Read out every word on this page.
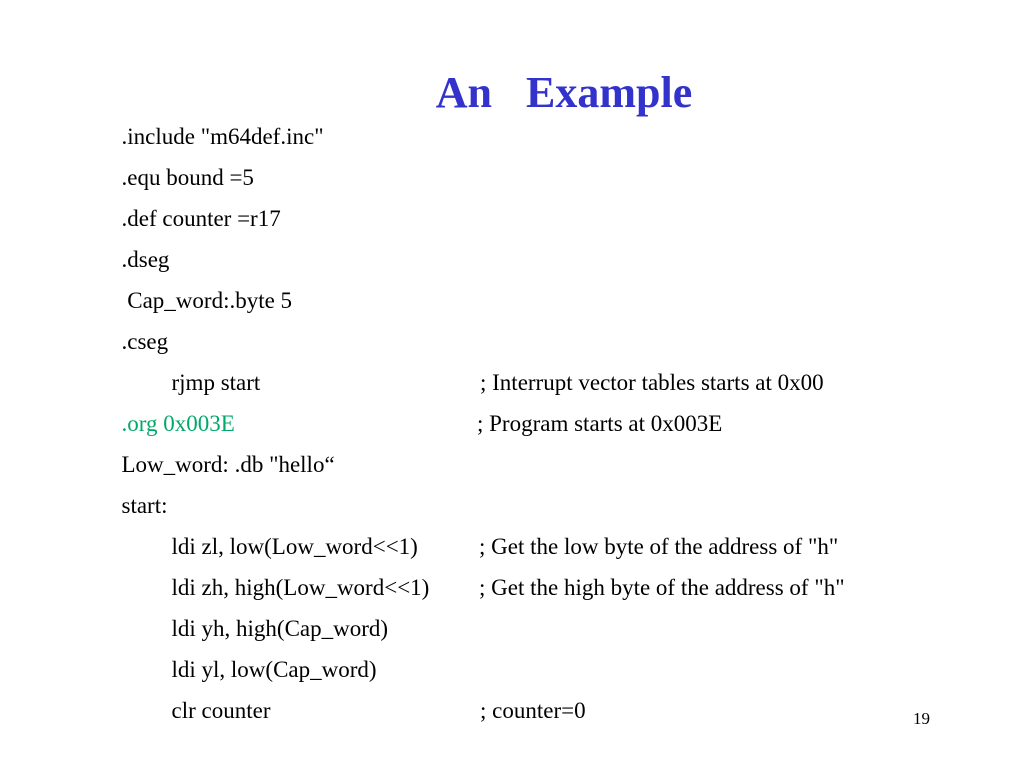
An  Example

.include "m64def.inc"

.equ bound =5

.def counter =r17

.dseg

Cap_word:.byte 5

.cseg

rjmp start

	; Interrupt vector tables starts at 0x00

.org 0x003E

	; Program starts at 0x003E

Low_word: .db "hello“

start:

ldi zl, low(Low_word<<1)

	; Get the low byte of the address of "h"

ldi zh, high(Low_word<<1)

; Get the high byte of the address of "h"

ldi yh, high(Cap_word)

ldi yl, low(Cap_word)

clr counter

	; counter=0

	19
